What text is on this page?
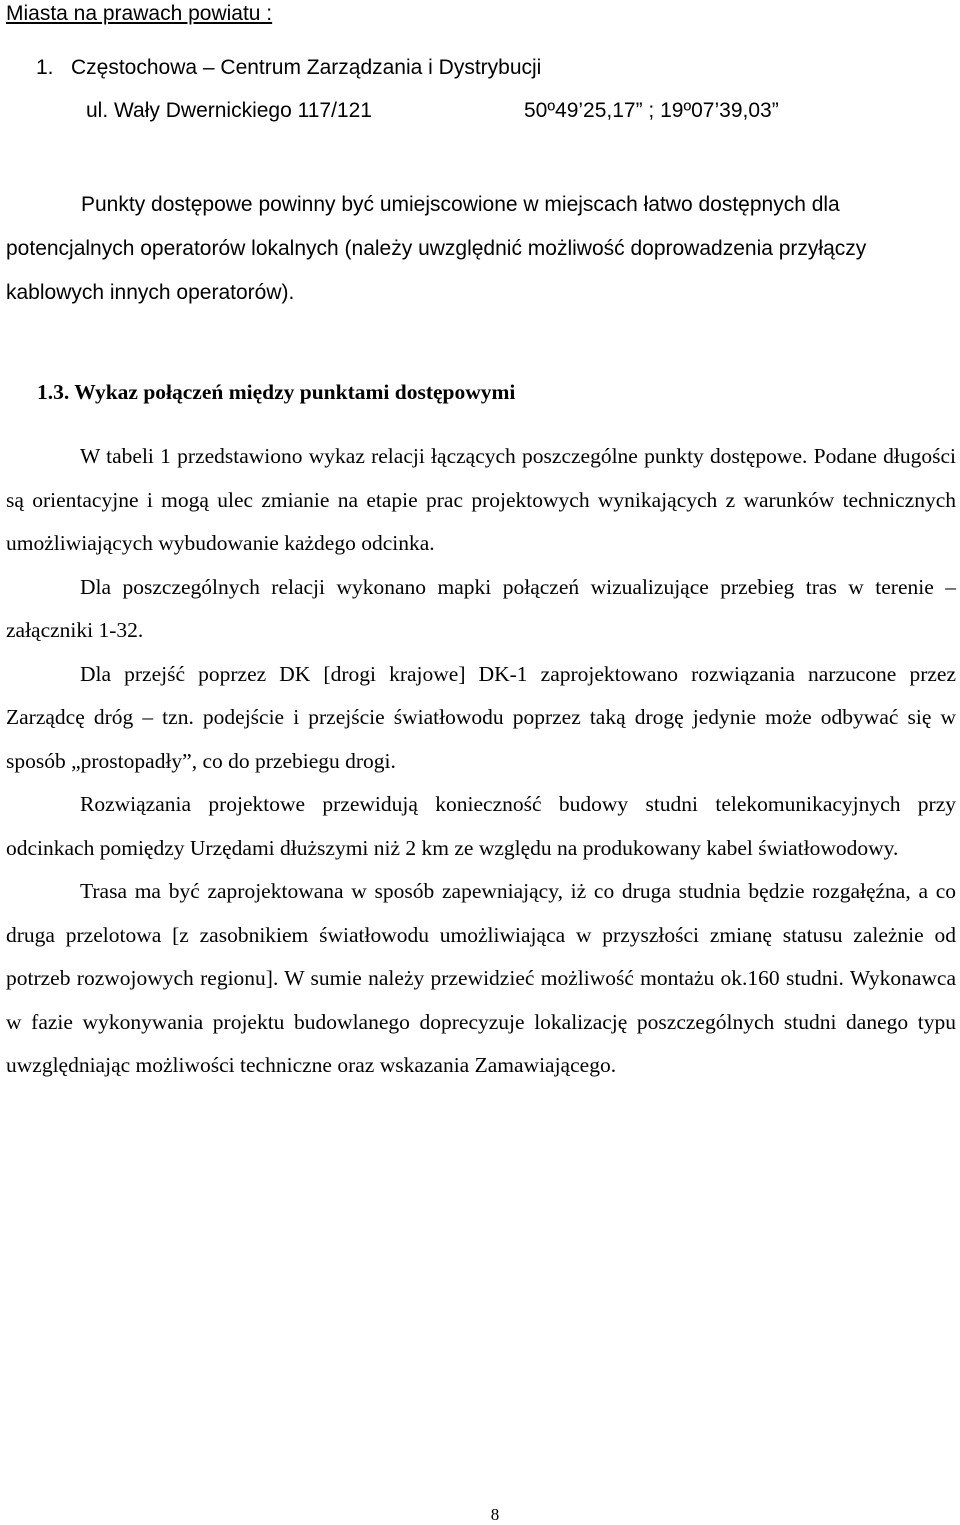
Miasta na prawach powiatu :
1. Częstochowa – Centrum Zarządzania i Dystrybucji
ul. Wały Dwernickiego 117/121	50º49’25,17” ; 19º07’39,03”
Punkty dostępowe powinny być umiejscowione w miejscach łatwo dostępnych dla potencjalnych operatorów lokalnych (należy uwzględnić możliwość doprowadzenia przyłączy kablowych innych operatorów).
1.3. Wykaz połączeń między punktami dostępowymi

W tabeli 1 przedstawiono wykaz relacji łączących poszczególne punkty dostępowe. Podane długości są orientacyjne i mogą ulec zmianie na etapie prac projektowych wynikających z warunków technicznych umożliwiających wybudowanie każdego odcinka.

Dla poszczególnych relacji wykonano mapki połączeń wizualizujące przebieg tras w terenie – załączniki 1-32.

Dla przejść poprzez DK [drogi krajowe] DK-1 zaprojektowano rozwiązania narzucone przez Zarządcę dróg – tzn. podejście i przejście światłowodu poprzez taką drogę jedynie może odbywać się w sposób „prostopadły”, co do przebiegu drogi.

Rozwiązania projektowe przewidują konieczność budowy studni telekomunikacyjnych przy odcinkach pomiędzy Urzędami dłuższymi niż 2 km ze względu na produkowany kabel światłowodowy.

Trasa ma być zaprojektowana w sposób zapewniający, iż co druga studnia będzie rozgałęźna, a co druga przelotowa [z zasobnikiem światłowodu umożliwiająca w przyszłości zmianę statusu zależnie od potrzeb rozwojowych regionu]. W sumie należy przewidzieć możliwość montażu ok.160 studni. Wykonawca w fazie wykonywania projektu budowlanego doprecyzuje lokalizację poszczególnych studni danego typu uwzględniając możliwości techniczne oraz wskazania Zamawiającego.

8
